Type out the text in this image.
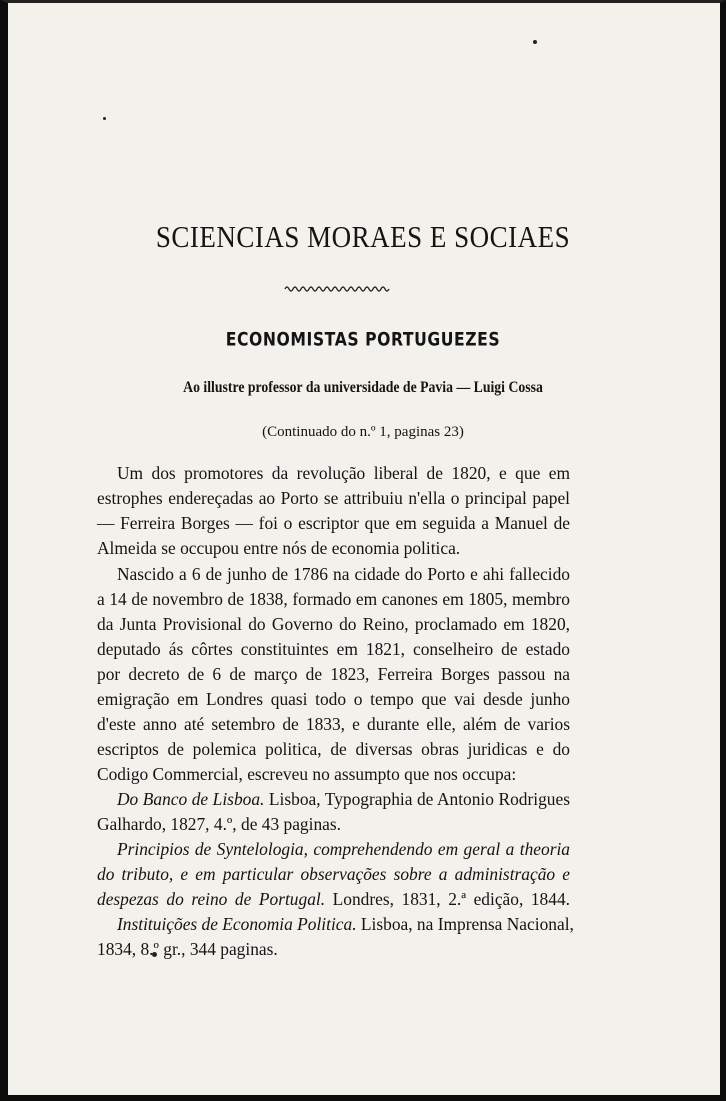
SCIENCIAS MORAES E SOCIAES
ECONOMISTAS PORTUGUEZES
Ao illustre professor da universidade de Pavia — Luigi Cossa
(Continuado do n.º 1, paginas 23)
Um dos promotores da revolução liberal de 1820, e que em
estrophes endereçadas ao Porto se attribuiu n'ella o principal papel
— Ferreira Borges — foi o escriptor que em seguida a Manuel de
Almeida se occupou entre nós de economia politica.
Nascido a 6 de junho de 1786 na cidade do Porto e ahi fallecido
a 14 de novembro de 1838, formado em canones em 1805, membro
da Junta Provisional do Governo do Reino, proclamado em 1820,
deputado ás côrtes constituintes em 1821, conselheiro de estado
por decreto de 6 de março de 1823, Ferreira Borges passou na
emigração em Londres quasi todo o tempo que vai desde junho
d'este anno até setembro de 1833, e durante elle, além de varios
escriptos de polemica politica, de diversas obras juridicas e do
Codigo Commercial, escreveu no assumpto que nos occupa:
Do Banco de Lisboa. Lisboa, Typographia de Antonio Rodrigues
Galhardo, 1827, 4.º, de 43 paginas.
Principios de Syntelologia, comprehendendo em geral a theoria
do tributo, e em particular observações sobre a administração e
despezas do reino de Portugal. Londres, 1831, 2.ª edição, 1844.
Instituições de Economia Politica. Lisboa, na Imprensa Nacional,
1834, 8.º gr., 344 paginas.
